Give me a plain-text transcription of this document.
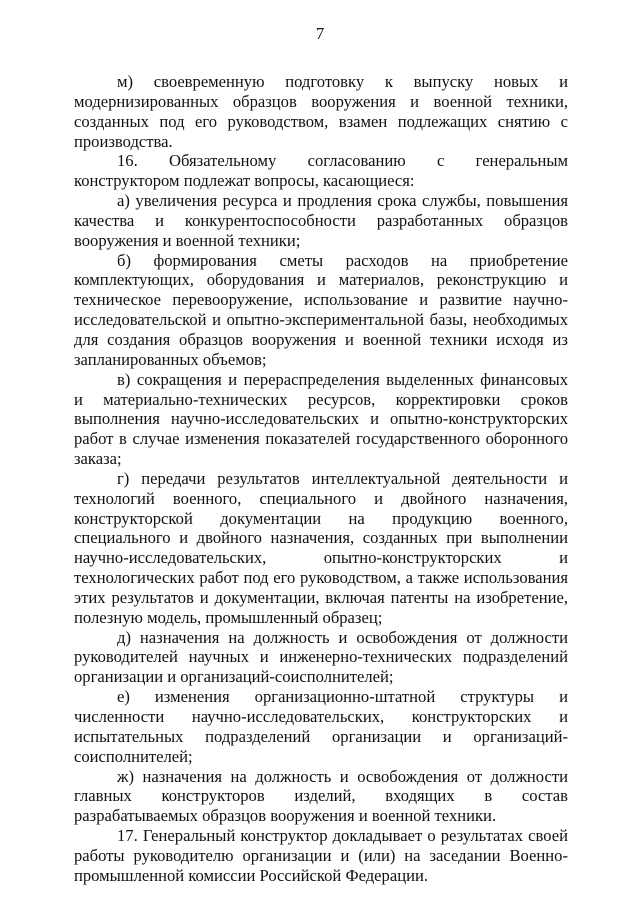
7

м) своевременную подготовку к выпуску новых и модернизированных образцов вооружения и военной техники, созданных под его руководством, взамен подлежащих снятию с производства.

16. Обязательному согласованию с генеральным конструктором подлежат вопросы, касающиеся:

а) увеличения ресурса и продления срока службы, повышения качества и конкурентоспособности разработанных образцов вооружения и военной техники;

б) формирования сметы расходов на приобретение комплектующих, оборудования и материалов, реконструкцию и техническое перевооружение, использование и развитие научно-исследовательской и опытно-экспериментальной базы, необходимых для создания образцов вооружения и военной техники исходя из запланированных объемов;

в) сокращения и перераспределения выделенных финансовых и материально-технических ресурсов, корректировки сроков выполнения научно-исследовательских и опытно-конструкторских работ в случае изменения показателей государственного оборонного заказа;

г) передачи результатов интеллектуальной деятельности и технологий военного, специального и двойного назначения, конструкторской документации на продукцию военного, специального и двойного назначения, созданных при выполнении научно-исследовательских, опытно-конструкторских и технологических работ под его руководством, а также использования этих результатов и документации, включая патенты на изобретение, полезную модель, промышленный образец;

д) назначения на должность и освобождения от должности руководителей научных и инженерно-технических подразделений организации и организаций-соисполнителей;

е) изменения организационно-штатной структуры и численности научно-исследовательских, конструкторских и испытательных подразделений организации и организаций-соисполнителей;

ж) назначения на должность и освобождения от должности главных конструкторов изделий, входящих в состав разрабатываемых образцов вооружения и военной техники.

17. Генеральный конструктор докладывает о результатах своей работы руководителю организации и (или) на заседании Военно-промышленной комиссии Российской Федерации.
